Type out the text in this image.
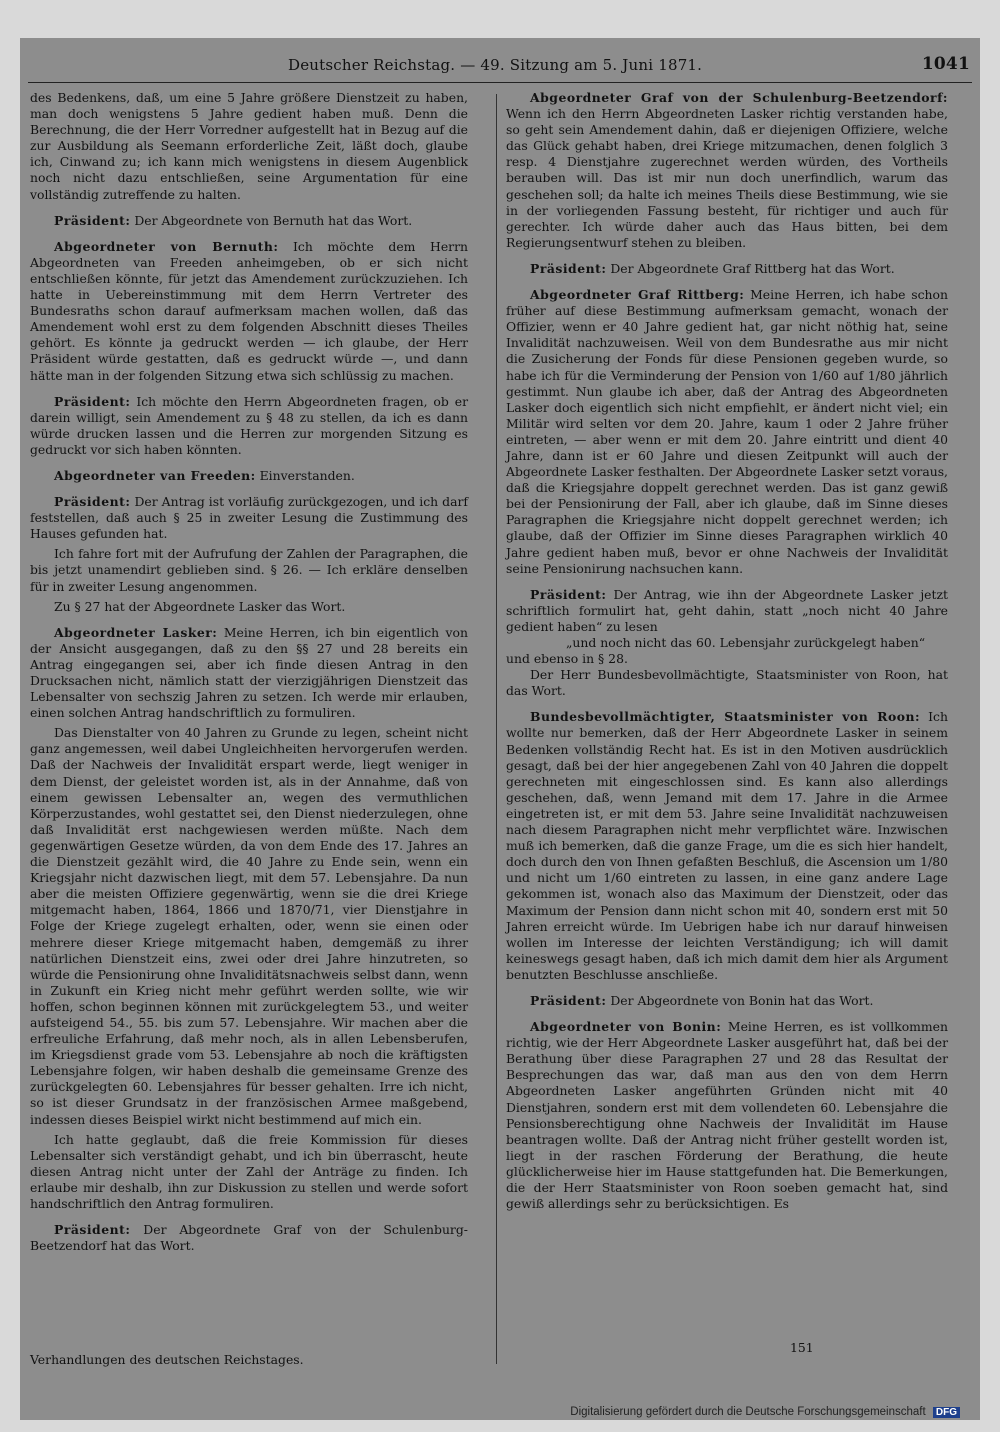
Deutscher Reichstag. — 49. Sitzung am 5. Juni 1871.	1041

des Bedenkens, daß, um eine 5 Jahre größere Dienstzeit zu haben, man doch wenigstens 5 Jahre gedient haben muß. Denn die Berechnung, die der Herr Vorredner aufgestellt hat in Bezug auf die zur Ausbildung als Seemann erforderliche Zeit, läßt doch, glaube ich, Cinwand zu; ich kann mich wenigstens in diesem Augenblick noch nicht dazu entschließen, seine Argumentation für eine vollständig zutreffende zu halten.

Präsident: Der Abgeordnete von Bernuth hat das Wort.

Abgeordneter von Bernuth: Ich möchte dem Herrn Abgeordneten van Freeden anheimgeben, ob er sich nicht entschließen könnte, für jetzt das Amendement zurückzuziehen. Ich hatte in Uebereinstimmung mit dem Herrn Vertreter des Bundesraths schon darauf aufmerksam machen wollen, daß das Amendement wohl erst zu dem folgenden Abschnitt dieses Theiles gehört. Es könnte ja gedruckt werden — ich glaube, der Herr Präsident würde gestatten, daß es gedruckt würde —, und dann hätte man in der folgenden Sitzung etwa sich schlüssig zu machen.

Präsident: Ich möchte den Herrn Abgeordneten fragen, ob er darein willigt, sein Amendement zu § 48 zu stellen, da ich es dann würde drucken lassen und die Herren zur morgenden Sitzung es gedruckt vor sich haben könnten.

Abgeordneter van Freeden: Einverstanden.

Präsident: Der Antrag ist vorläufig zurückgezogen, und ich darf feststellen, daß auch § 25 in zweiter Lesung die Zustimmung des Hauses gefunden hat.

Ich fahre fort mit der Aufrufung der Zahlen der Paragraphen, die bis jetzt unamendirt geblieben sind. § 26. — Ich erkläre denselben für in zweiter Lesung angenommen.

Zu § 27 hat der Abgeordnete Lasker das Wort.

Abgeordneter Lasker: Meine Herren, ich bin eigentlich von der Ansicht ausgegangen, daß zu den §§ 27 und 28 bereits ein Antrag eingegangen sei, aber ich finde diesen Antrag in den Drucksachen nicht, nämlich statt der vierzigjährigen Dienstzeit das Lebensalter von sechszig Jahren zu setzen. Ich werde mir erlauben, einen solchen Antrag handschriftlich zu formuliren.

Das Dienstalter von 40 Jahren zu Grunde zu legen, scheint nicht ganz angemessen, weil dabei Ungleichheiten hervorgerufen werden. Daß der Nachweis der Invalidität erspart werde, liegt weniger in dem Dienst, der geleistet worden ist, als in der Annahme, daß von einem gewissen Lebensalter an, wegen des vermuthlichen Körperzustandes, wohl gestattet sei, den Dienst niederzulegen, ohne daß Invalidität erst nachgewiesen werden müßte. Nach dem gegenwärtigen Gesetze würden, da von dem Ende des 17. Jahres an die Dienstzeit gezählt wird, die 40 Jahre zu Ende sein, wenn ein Kriegsjahr nicht dazwischen liegt, mit dem 57. Lebensjahre. Da nun aber die meisten Offiziere gegenwärtig, wenn sie die drei Kriege mitgemacht haben, 1864, 1866 und 1870/71, vier Dienstjahre in Folge der Kriege zugelegt erhalten, oder, wenn sie einen oder mehrere dieser Kriege mitgemacht haben, demgemäß zu ihrer natürlichen Dienstzeit eins, zwei oder drei Jahre hinzutreten, so würde die Pensionirung ohne Invaliditätsnachweis selbst dann, wenn in Zukunft ein Krieg nicht mehr geführt werden sollte, wie wir hoffen, schon beginnen können mit zurückgelegtem 53., und weiter aufsteigend 54., 55. bis zum 57. Lebensjahre. Wir machen aber die erfreuliche Erfahrung, daß mehr noch, als in allen Lebensberufen, im Kriegsdienst grade vom 53. Lebensjahre ab noch die kräftigsten Lebensjahre folgen, wir haben deshalb die gemeinsame Grenze des zurückgelegten 60. Lebensjahres für besser gehalten. Irre ich nicht, so ist dieser Grundsatz in der französischen Armee maßgebend, indessen dieses Beispiel wirkt nicht bestimmend auf mich ein.

Ich hatte geglaubt, daß die freie Kommission für dieses Lebensalter sich verständigt gehabt, und ich bin überrascht, heute diesen Antrag nicht unter der Zahl der Anträge zu finden. Ich erlaube mir deshalb, ihn zur Diskussion zu stellen und werde sofort handschriftlich den Antrag formuliren.

Präsident: Der Abgeordnete Graf von der Schulenburg-Beetzendorf hat das Wort.

Abgeordneter Graf von der Schulenburg-Beetzendorf: Wenn ich den Herrn Abgeordneten Lasker richtig verstanden habe, so geht sein Amendement dahin, daß er diejenigen Offiziere, welche das Glück gehabt haben, drei Kriege mitzumachen, denen folglich 3 resp. 4 Dienstjahre zugerechnet werden würden, des Vortheils berauben will. Das ist mir nun doch unerfindlich, warum das geschehen soll; da halte ich meines Theils diese Bestimmung, wie sie in der vorliegenden Fassung besteht, für richtiger und auch für gerechter. Ich würde daher auch das Haus bitten, bei dem Regierungsentwurf stehen zu bleiben.

Präsident: Der Abgeordnete Graf Rittberg hat das Wort.

Abgeordneter Graf Rittberg: Meine Herren, ich habe schon früher auf diese Bestimmung aufmerksam gemacht, wonach der Offizier, wenn er 40 Jahre gedient hat, gar nicht nöthig hat, seine Invalidität nachzuweisen. Weil von dem Bundesrathe aus mir nicht die Zusicherung der Fonds für diese Pensionen gegeben wurde, so habe ich für die Verminderung der Pension von 1/60 auf 1/80 jährlich gestimmt. Nun glaube ich aber, daß der Antrag des Abgeordneten Lasker doch eigentlich sich nicht empfiehlt, er ändert nicht viel; ein Militär wird selten vor dem 20. Jahre, kaum 1 oder 2 Jahre früher eintreten, — aber wenn er mit dem 20. Jahre eintritt und dient 40 Jahre, dann ist er 60 Jahre und diesen Zeitpunkt will auch der Abgeordnete Lasker festhalten. Der Abgeordnete Lasker setzt voraus, daß die Kriegsjahre doppelt gerechnet werden. Das ist ganz gewiß bei der Pensionirung der Fall, aber ich glaube, daß im Sinne dieses Paragraphen die Kriegsjahre nicht doppelt gerechnet werden; ich glaube, daß der Offizier im Sinne dieses Paragraphen wirklich 40 Jahre gedient haben muß, bevor er ohne Nachweis der Invalidität seine Pensionirung nachsuchen kann.

Präsident: Der Antrag, wie ihn der Abgeordnete Lasker jetzt schriftlich formulirt hat, geht dahin, statt „noch nicht 40 Jahre gedient haben“ zu lesen

„und noch nicht das 60. Lebensjahr zurückgelegt haben“

und ebenso in § 28.

Der Herr Bundesbevollmächtigte, Staatsminister von Roon, hat das Wort.

Bundesbevollmächtigter, Staatsminister von Roon: Ich wollte nur bemerken, daß der Herr Abgeordnete Lasker in seinem Bedenken vollständig Recht hat. Es ist in den Motiven ausdrücklich gesagt, daß bei der hier angegebenen Zahl von 40 Jahren die doppelt gerechneten mit eingeschlossen sind. Es kann also allerdings geschehen, daß, wenn Jemand mit dem 17. Jahre in die Armee eingetreten ist, er mit dem 53. Jahre seine Invalidität nachzuweisen nach diesem Paragraphen nicht mehr verpflichtet wäre. Inzwischen muß ich bemerken, daß die ganze Frage, um die es sich hier handelt, doch durch den von Ihnen gefaßten Beschluß, die Ascension um 1/80 und nicht um 1/60 eintreten zu lassen, in eine ganz andere Lage gekommen ist, wonach also das Maximum der Dienstzeit, oder das Maximum der Pension dann nicht schon mit 40, sondern erst mit 50 Jahren erreicht würde. Im Uebrigen habe ich nur darauf hinweisen wollen im Interesse der leichten Verständigung; ich will damit keineswegs gesagt haben, daß ich mich damit dem hier als Argument benutzten Beschlusse anschließe.

Präsident: Der Abgeordnete von Bonin hat das Wort.

Abgeordneter von Bonin: Meine Herren, es ist vollkommen richtig, wie der Herr Abgeordnete Lasker ausgeführt hat, daß bei der Berathung über diese Paragraphen 27 und 28 das Resultat der Besprechungen das war, daß man aus den von dem Herrn Abgeordneten Lasker angeführten Gründen nicht mit 40 Dienstjahren, sondern erst mit dem vollendeten 60. Lebensjahre die Pensionsberechtigung ohne Nachweis der Invalidität im Hause beantragen wollte. Daß der Antrag nicht früher gestellt worden ist, liegt in der raschen Förderung der Berathung, die heute glücklicherweise hier im Hause stattgefunden hat. Die Bemerkungen, die der Herr Staatsminister von Roon soeben gemacht hat, sind gewiß allerdings sehr zu berücksichtigen. Es

Verhandlungen des deutschen Reichstages.
151
Digitalisierung gefördert durch die Deutsche Forschungsgemeinschaft DFG
